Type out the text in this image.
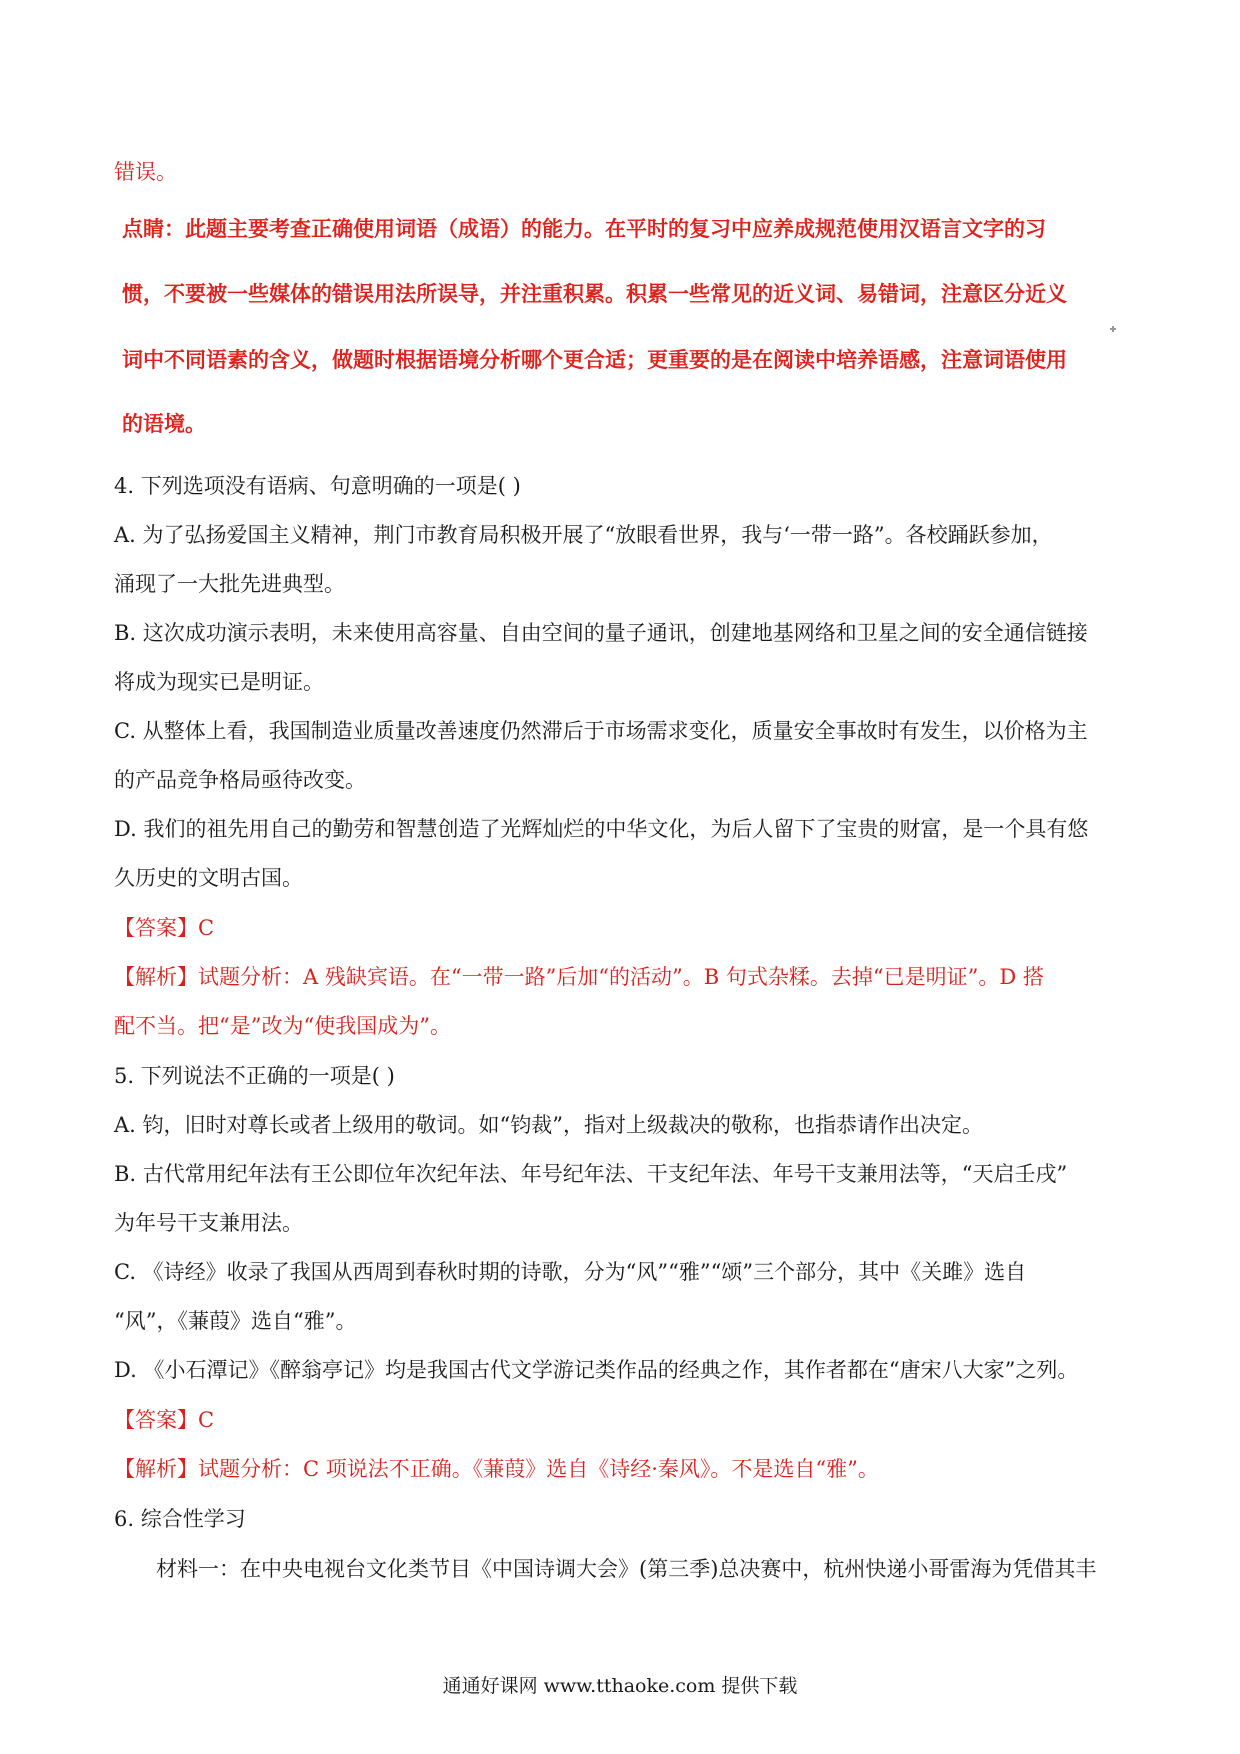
错误。
点睛：此题主要考查正确使用词语（成语）的能力。在平时的复习中应养成规范使用汉语言文字的习
惯，不要被一些媒体的错误用法所误导，并注重积累。积累一些常见的近义词、易错词，注意区分近义
词中不同语素的含义，做题时根据语境分析哪个更合适；更重要的是在阅读中培养语感，注意词语使用
的语境。
4. 下列选项没有语病、句意明确的一项是( )
A. 为了弘扬爱国主义精神，荆门市教育局积极开展了“放眼看世界，我与‘一带一路”。各校踊跃参加，
涌现了一大批先进典型。
B. 这次成功演示表明，未来使用高容量、自由空间的量子通讯，创建地基网络和卫星之间的安全通信链接
将成为现实已是明证。
C. 从整体上看，我国制造业质量改善速度仍然滞后于市场需求变化，质量安全事故时有发生，以价格为主
的产品竞争格局亟待改变。
D. 我们的祖先用自己的勤劳和智慧创造了光辉灿烂的中华文化，为后人留下了宝贵的财富，是一个具有悠
久历史的文明古国。
【答案】C
【解析】试题分析：A 残缺宾语。在“一带一路”后加“的活动”。B 句式杂糅。去掉“已是明证”。D 搭
配不当。把“是”改为“使我国成为”。
5. 下列说法不正确的一项是( )
A. 钧，旧时对尊长或者上级用的敬词。如“钧裁”，指对上级裁决的敬称，也指恭请作出决定。
B. 古代常用纪年法有王公即位年次纪年法、年号纪年法、干支纪年法、年号干支兼用法等，“天启壬戌”
为年号干支兼用法。
C. 《诗经》收录了我国从西周到春秋时期的诗歌，分为“风”“雅”“颂”三个部分，其中《关雎》选自
“风”，《蒹葭》选自“雅”。
D. 《小石潭记》《醉翁亭记》均是我国古代文学游记类作品的经典之作，其作者都在“唐宋八大家”之列。
【答案】C
【解析】试题分析：C 项说法不正确。《蒹葭》选自《诗经·秦风》。不是选自“雅”。
6. 综合性学习
材料一：在中央电视台文化类节目《中国诗调大会》(第三季)总决赛中，杭州快递小哥雷海为凭借其丰
通通好课网 www.tthaoke.com 提供下载
